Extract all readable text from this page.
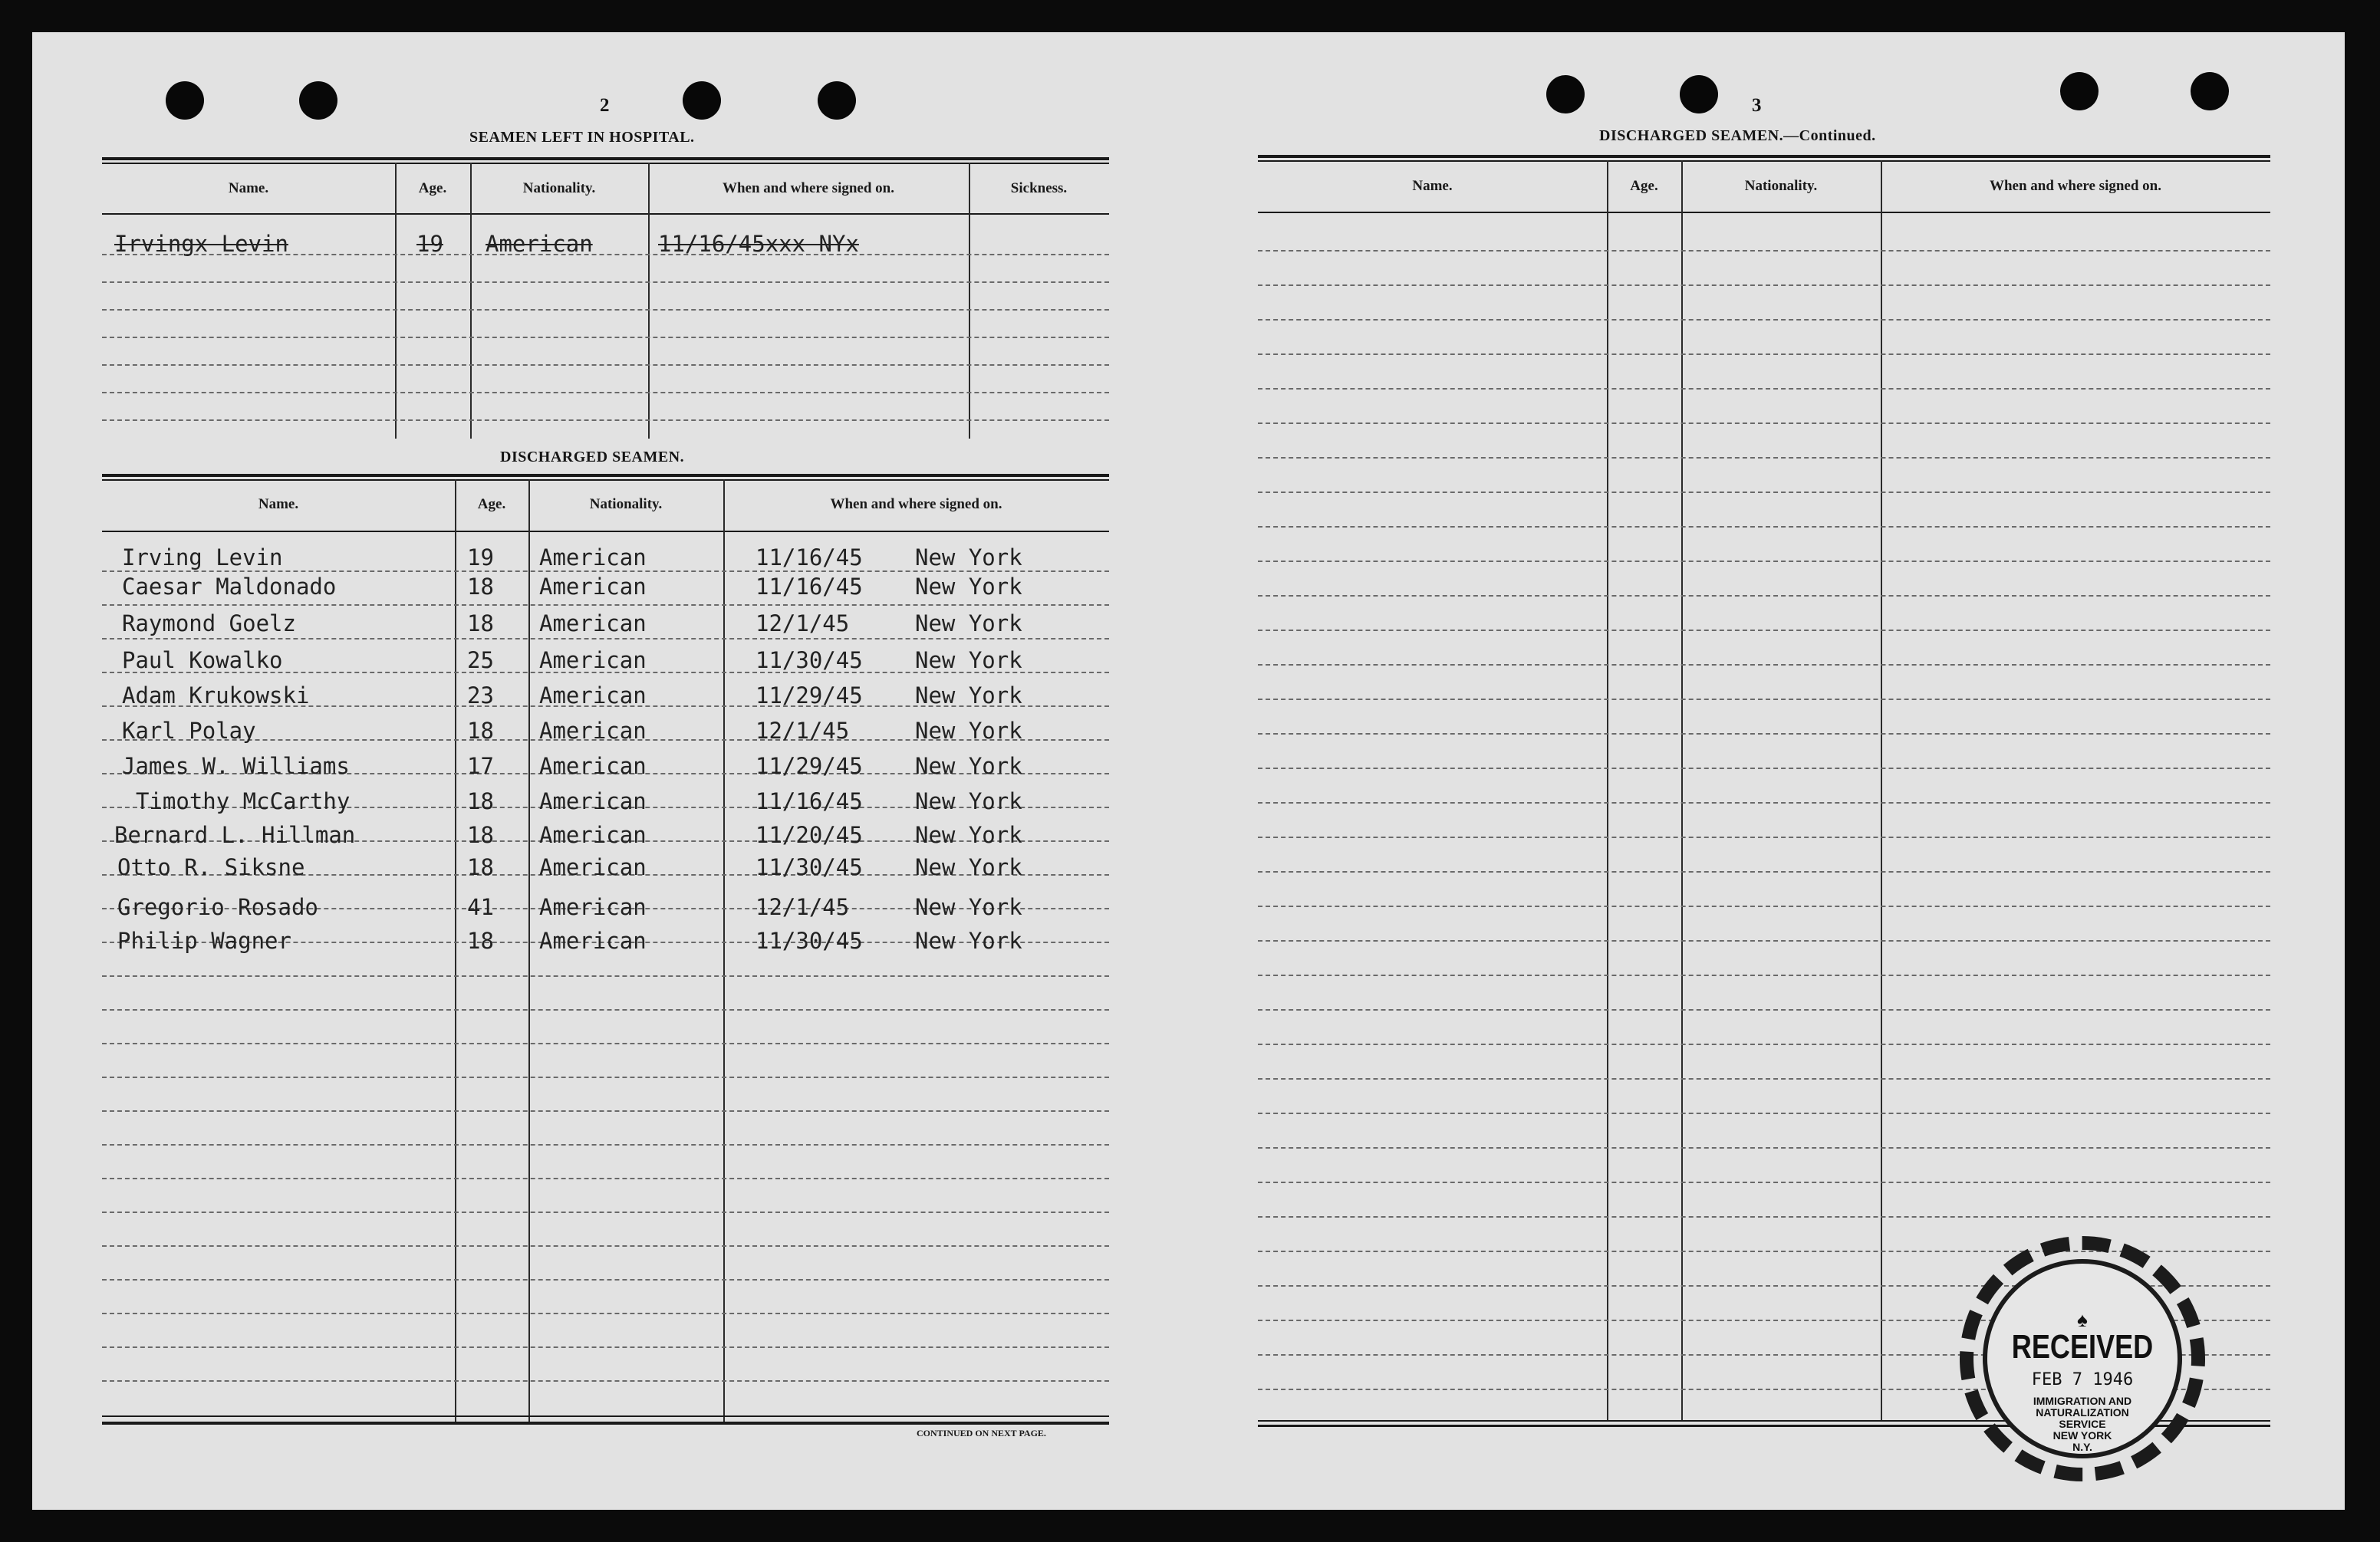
2
SEAMEN LEFT IN HOSPITAL.
Name.	Age.	Nationality.	When and where signed on.	Sickness.
Irvingx Levin	19 American	11/16/45xxx NYx
DISCHARGED SEAMEN.
Name.	Age.	Nationality.	When and where signed on.
Irving Levin	19 American	11/16/45 New York
Caesar Maldonado	18 American	11/16/45 New York
Raymond Goelz	18 American	12/1/45	New York
Paul Kowalko	25 American	11/30/45 New York
Adam Krukowski	23 American	11/29/45 New York
Karl Polay	18 American	12/1/45	New York
James W. Williams	17 American	11/29/45 New York
Timothy McCarthy	18 American	11/16/45 New York
Bernard L. Hillman	18 American	11/20/45 New York
Otto R. Siksne	18 American	11/30/45 New York
Gregorio Rosado	41 American	12/1/45	New York
Philip Wagner	18 American	11/30/45 New York
CONTINUED ON NEXT PAGE.
3
DISCHARGED SEAMEN.—Continued.
Name.	Age.	Nationality.	When and where signed on.
♠
RECEIVED
FEB 7 1946
IMMIGRATION AND
NATURALIZATION
SERVICE
NEW YORK
N.Y.
